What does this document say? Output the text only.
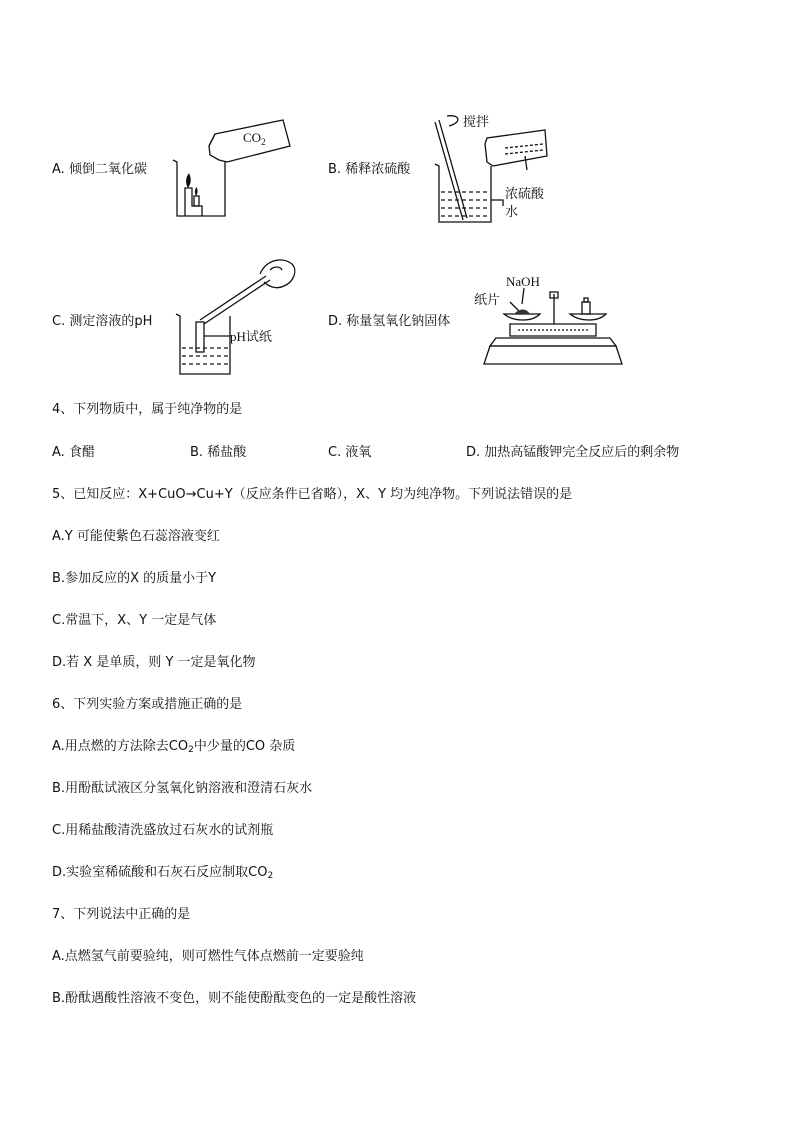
A. 倾倒二氧化碳	B. 稀释浓硫酸
C. 测定溶液的pH	D. 称量氢氧化钠固体
$CO_2$
搅拌
浓硫酸
水
pH试纸
NaOH
纸片
4、下列物质中，属于纯净物的是
A. 食醋	B. 稀盐酸	C. 液氧	D. 加热高锰酸钾完全反应后的剩余物
5、已知反应：X+CuO→Cu+Y（反应条件已省略），X、Y 均为纯净物。下列说法错误的是
A.Y 可能使紫色石蕊溶液变红
B.参加反应的X 的质量小于Y
C.常温下，X、Y 一定是气体
D.若 X 是单质，则 Y 一定是氧化物
6、下列实验方案或措施正确的是
A.用点燃的方法除去$CO_2$中少量的CO 杂质
B.用酚酞试液区分氢氧化钠溶液和澄清石灰水
C.用稀盐酸清洗盛放过石灰水的试剂瓶
D.实验室稀硫酸和石灰石反应制取$CO_2$
7、下列说法中正确的是
A.点燃氢气前要验纯，则可燃性气体点燃前一定要验纯
B.酚酞遇酸性溶液不变色，则不能使酚酞变色的一定是酸性溶液
